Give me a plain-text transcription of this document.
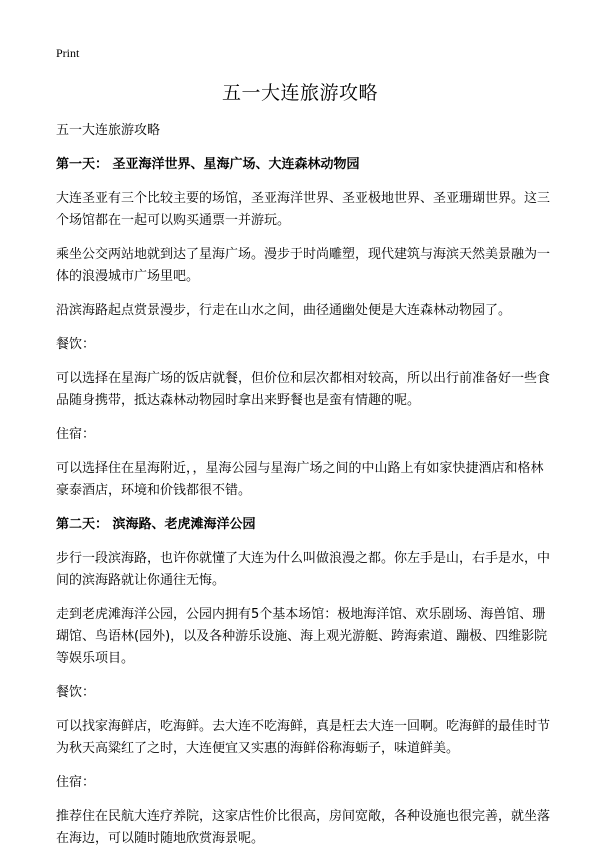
Print
五一大连旅游攻略

五一大连旅游攻略

第一天： 圣亚海洋世界、星海广场、大连森林动物园

大连圣亚有三个比较主要的场馆，圣亚海洋世界、圣亚极地世界、圣亚珊瑚世界。这三个场馆都在一起可以购买通票一并游玩。

乘坐公交两站地就到达了星海广场。漫步于时尚雕塑，现代建筑与海滨天然美景融为一体的浪漫城市广场里吧。

沿滨海路起点赏景漫步，行走在山水之间，曲径通幽处便是大连森林动物园了。

餐饮：

可以选择在星海广场的饭店就餐，但价位和层次都相对较高，所以出行前准备好一些食品随身携带，抵达森林动物园时拿出来野餐也是蛮有情趣的呢。

住宿：

可以选择住在星海附近，，星海公园与星海广场之间的中山路上有如家快捷酒店和格林豪泰酒店，环境和价钱都很不错。

第二天： 滨海路、老虎滩海洋公园

步行一段滨海路，也许你就懂了大连为什么叫做浪漫之都。你左手是山，右手是水，中间的滨海路就让你通往无悔。

走到老虎滩海洋公园，公园内拥有5个基本场馆：极地海洋馆、欢乐剧场、海兽馆、珊瑚馆、鸟语林(园外)，以及各种游乐设施、海上观光游艇、跨海索道、蹦极、四维影院等娱乐项目。

餐饮：

可以找家海鲜店，吃海鲜。去大连不吃海鲜，真是枉去大连一回啊。吃海鲜的最佳时节为秋天高粱红了之时，大连便宜又实惠的海鲜俗称海蛎子，味道鲜美。

住宿：

推荐住在民航大连疗养院，这家店性价比很高，房间宽敞，各种设施也很完善，就坐落在海边，可以随时随地欣赏海景呢。
